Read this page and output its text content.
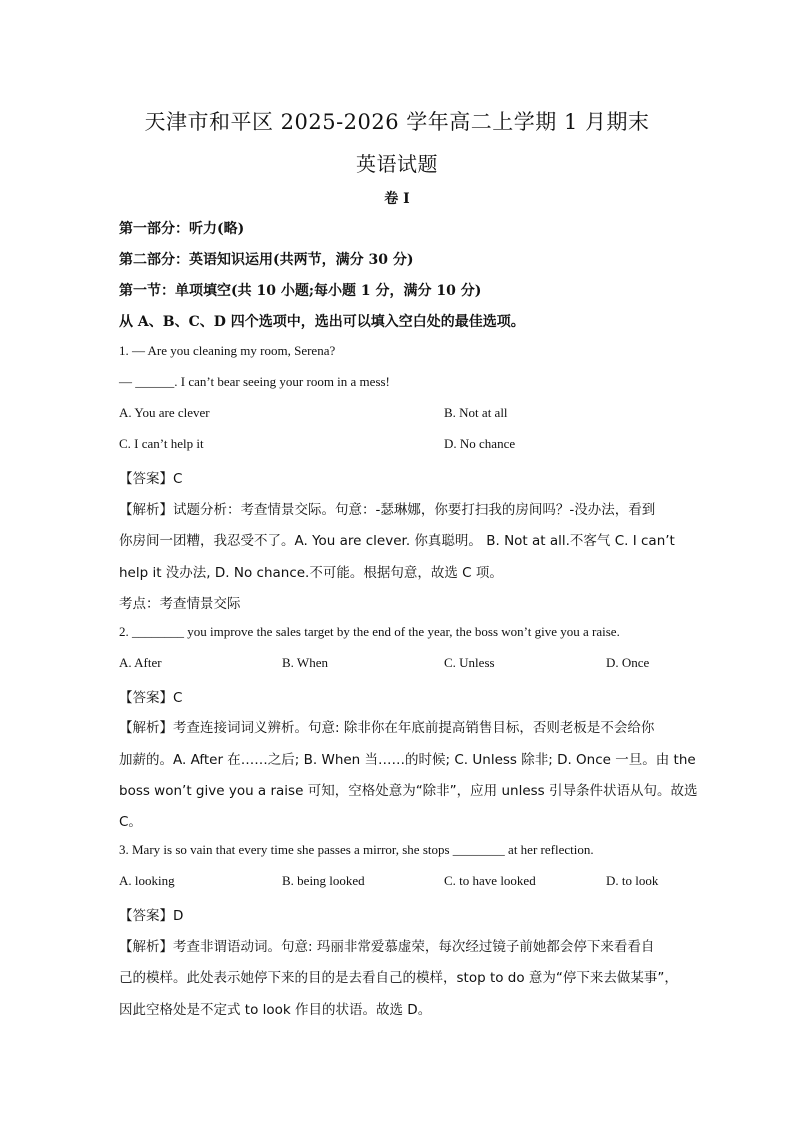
天津市和平区 2025-2026 学年高二上学期 1 月期末
英语试题
卷 I
第一部分：听力(略)
第二部分：英语知识运用(共两节，满分 30 分)
第一节：单项填空(共 10 小题;每小题 1 分，满分 10 分)
从 A、B、C、D 四个选项中，选出可以填入空白处的最佳选项。
1. — Are you cleaning my room, Serena?
— ______. I can’t bear seeing your room in a mess!
A. You are clever	B. Not at all
C. I can’t help it	D. No chance
【答案】C
【解析】试题分析：考查情景交际。句意：-瑟琳娜，你要打扫我的房间吗？-没办法，看到
你房间一团糟，我忍受不了。A. You are clever. 你真聪明。 B. Not at all.不客气 C. I can’t
help it 没办法, D. No chance.不可能。根据句意，故选 C 项。
考点：考查情景交际
2. ________ you improve the sales target by the end of the year, the boss won’t give you a raise.
A. After	B. When	C. Unless	D. Once
【答案】C
【解析】考查连接词词义辨析。句意: 除非你在年底前提高销售目标，否则老板是不会给你
加薪的。A. After 在……之后; B. When 当……的时候; C. Unless 除非; D. Once 一旦。由 the
boss won’t give you a raise 可知，空格处意为“除非”，应用 unless 引导条件状语从句。故选
C。
3. Mary is so vain that every time she passes a mirror, she stops ________ at her reflection.
A. looking	B. being looked	C. to have looked	D. to look
【答案】D
【解析】考查非谓语动词。句意: 玛丽非常爱慕虚荣，每次经过镜子前她都会停下来看看自
己的模样。此处表示她停下来的目的是去看自己的模样，stop to do 意为“停下来去做某事”，
因此空格处是不定式 to look 作目的状语。故选 D。
